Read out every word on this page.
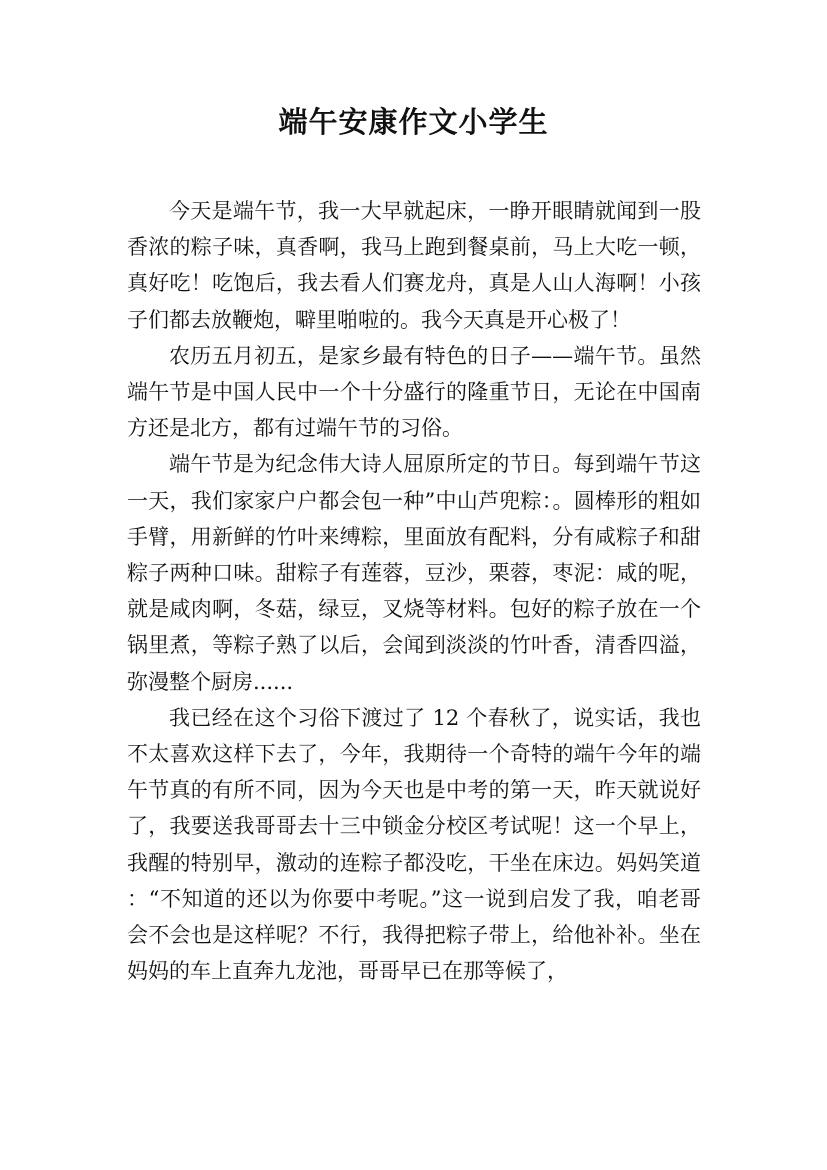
端午安康作文小学生

今天是端午节，我一大早就起床，一睁开眼睛就闻到一股香浓的粽子味，真香啊，我马上跑到餐桌前，马上大吃一顿，真好吃！吃饱后，我去看人们赛龙舟，真是人山人海啊！小孩子们都去放鞭炮，噼里啪啦的。我今天真是开心极了！

农历五月初五，是家乡最有特色的日子——端午节。虽然端午节是中国人民中一个十分盛行的隆重节日，无论在中国南方还是北方，都有过端午节的习俗。

端午节是为纪念伟大诗人屈原所定的节日。每到端午节这一天，我们家家户户都会包一种”中山芦兜粽：。圆棒形的粗如手臂，用新鲜的竹叶来缚粽，里面放有配料，分有咸粽子和甜粽子两种口味。甜粽子有莲蓉，豆沙，栗蓉，枣泥：咸的呢，就是咸肉啊，冬菇，绿豆，叉烧等材料。包好的粽子放在一个锅里煮，等粽子熟了以后，会闻到淡淡的竹叶香，清香四溢，弥漫整个厨房......

我已经在这个习俗下渡过了 12 个春秋了，说实话，我也不太喜欢这样下去了，今年，我期待一个奇特的端午今年的端午节真的有所不同，因为今天也是中考的第一天，昨天就说好了，我要送我哥哥去十三中锁金分校区考试呢！这一个早上，我醒的特别早，激动的连粽子都没吃，干坐在床边。妈妈笑道：“不知道的还以为你要中考呢。”这一说到启发了我，咱老哥会不会也是这样呢？不行，我得把粽子带上，给他补补。坐在妈妈的车上直奔九龙池，哥哥早已在那等候了，
